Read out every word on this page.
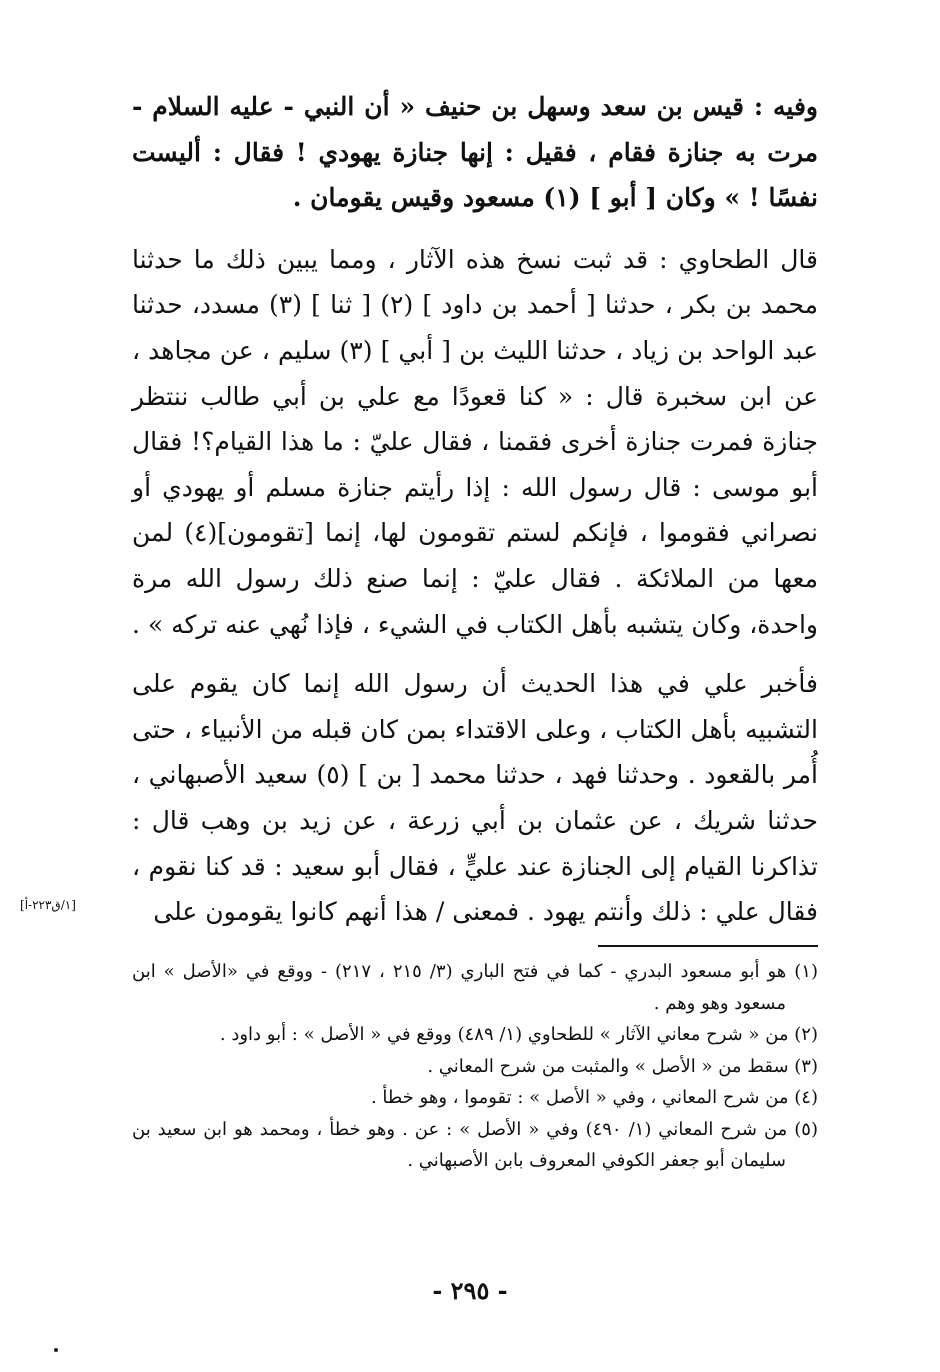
وفيه : قيس بن سعد وسهل بن حنيف « أن النبي - عليه السلام - مرت به جنازة فقام ، فقيل : إنها جنازة يهودي ! فقال : أليست نفسًا ! » وكان [ أبو ] (١) مسعود وقيس يقومان .

قال الطحاوي : قد ثبت نسخ هذه الآثار ، ومما يبين ذلك ما حدثنا محمد بن بكر ، حدثنا [ أحمد بن داود ] (٢) [ ثنا ] (٣) مسدد، حدثنا عبد الواحد بن زياد ، حدثنا الليث بن [ أبي ] (٣) سليم ، عن مجاهد ، عن ابن سخبرة قال : « كنا قعودًا مع علي بن أبي طالب ننتظر جنازة فمرت جنازة أخرى فقمنا ، فقال عليّ : ما هذا القيام؟! فقال أبو موسى : قال رسول الله : إذا رأيتم جنازة مسلم أو يهودي أو نصراني فقوموا ، فإنكم لستم تقومون لها، إنما [تقومون](٤) لمن معها من الملائكة . فقال عليّ : إنما صنع ذلك رسول الله مرة واحدة، وكان يتشبه بأهل الكتاب في الشيء ، فإذا نُهي عنه تركه » .

فأخبر علي في هذا الحديث أن رسول الله إنما كان يقوم على التشبيه بأهل الكتاب ، وعلى الاقتداء بمن كان قبله من الأنبياء ، حتى أُمر بالقعود . وحدثنا فهد ، حدثنا محمد [ بن ] (٥) سعيد الأصبهاني ، حدثنا شريك ، عن عثمان بن أبي زرعة ، عن زيد بن وهب قال : تذاكرنا القيام إلى الجنازة عند عليٍّ ، فقال أبو سعيد : قد كنا نقوم ، فقال علي : ذلك وأنتم يهود . فمعنى / هذا أنهم كانوا يقومون على

[١/ق٢٢٣-أ]
(١) هو أبو مسعود البدري - كما في فتح الباري (٣/ ٢١٥ ، ٢١٧) - ووقع في «الأصل » ابن مسعود وهو وهم .
(٢) من « شرح معاني الآثار » للطحاوي (١/ ٤٨٩) ووقع في « الأصل » : أبو داود .
(٣) سقط من « الأصل » والمثبت من شرح المعاني .
(٤) من شرح المعاني ، وفي « الأصل » : تقوموا ، وهو خطأ .
(٥) من شرح المعاني (١/ ٤٩٠) وفي « الأصل » : عن . وهو خطأ ، ومحمد هو ابن سعيد بن سليمان أبو جعفر الكوفي المعروف بابن الأصبهاني .
- ٢٩٥ -
